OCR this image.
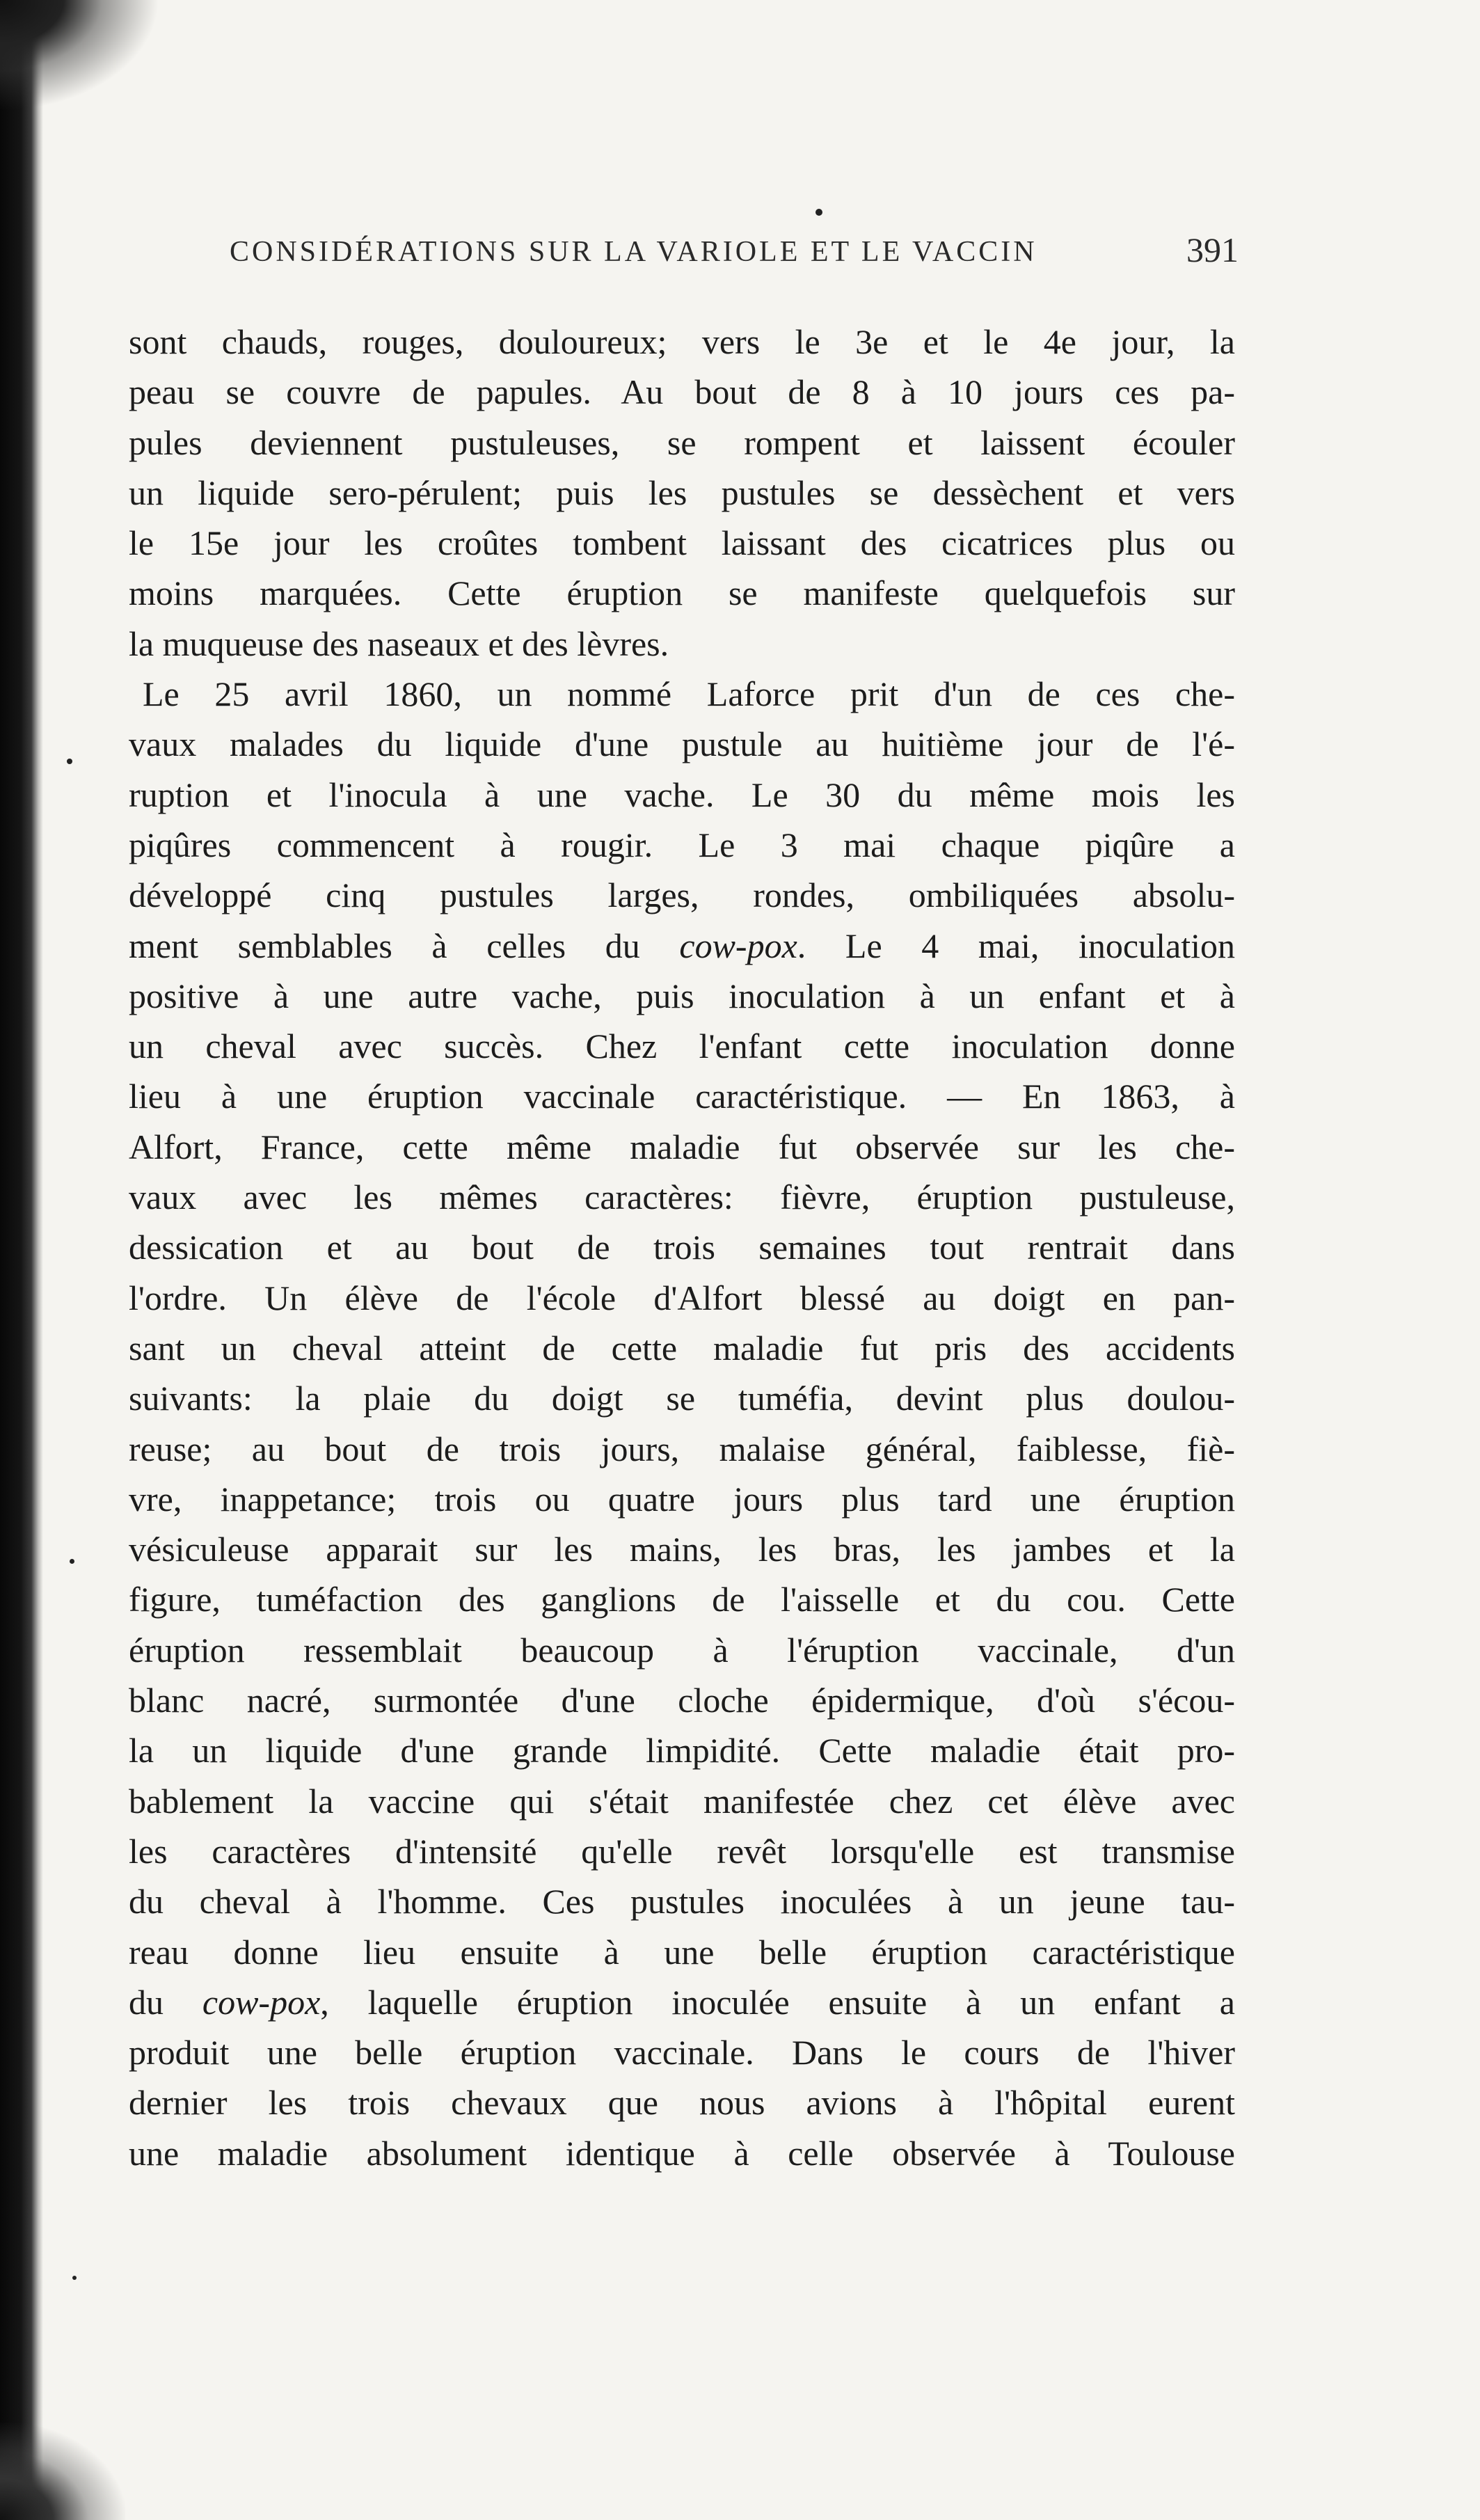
CONSIDÉRATIONS SUR LA VARIOLE ET LE VACCIN	391
sont chauds, rouges, douloureux; vers le 3e et le 4e jour, la
peau se couvre de papules. Au bout de 8 à 10 jours ces pa-
pules deviennent pustuleuses, se rompent et laissent écouler
un liquide sero-pérulent; puis les pustules se dessèchent et vers
le 15e jour les croûtes tombent laissant des cicatrices plus ou
moins marquées. Cette éruption se manifeste quelquefois sur
la muqueuse des naseaux et des lèvres.
Le 25 avril 1860, un nommé Laforce prit d'un de ces che-
vaux malades du liquide d'une pustule au huitième jour de l'é-
ruption et l'inocula à une vache. Le 30 du même mois les
piqûres commencent à rougir. Le 3 mai chaque piqûre a
développé cinq pustules larges, rondes, ombiliquées absolu-
ment semblables à celles du cow-pox. Le 4 mai, inoculation
positive à une autre vache, puis inoculation à un enfant et à
un cheval avec succès. Chez l'enfant cette inoculation donne
lieu à une éruption vaccinale caractéristique. — En 1863, à
Alfort, France, cette même maladie fut observée sur les che-
vaux avec les mêmes caractères: fièvre, éruption pustuleuse,
dessication et au bout de trois semaines tout rentrait dans
l'ordre. Un élève de l'école d'Alfort blessé au doigt en pan-
sant un cheval atteint de cette maladie fut pris des accidents
suivants: la plaie du doigt se tuméfia, devint plus doulou-
reuse; au bout de trois jours, malaise général, faiblesse, fiè-
vre, inappetance; trois ou quatre jours plus tard une éruption
vésiculeuse apparait sur les mains, les bras, les jambes et la
figure, tuméfaction des ganglions de l'aisselle et du cou. Cette
éruption ressemblait beaucoup à l'éruption vaccinale, d'un
blanc nacré, surmontée d'une cloche épidermique, d'où s'écou-
la un liquide d'une grande limpidité. Cette maladie était pro-
bablement la vaccine qui s'était manifestée chez cet élève avec
les caractères d'intensité qu'elle revêt lorsqu'elle est transmise
du cheval à l'homme. Ces pustules inoculées à un jeune tau-
reau donne lieu ensuite à une belle éruption caractéristique
du cow-pox, laquelle éruption inoculée ensuite à un enfant a
produit une belle éruption vaccinale. Dans le cours de l'hiver
dernier les trois chevaux que nous avions à l'hôpital eurent
une maladie absolument identique à celle observée à Toulouse
